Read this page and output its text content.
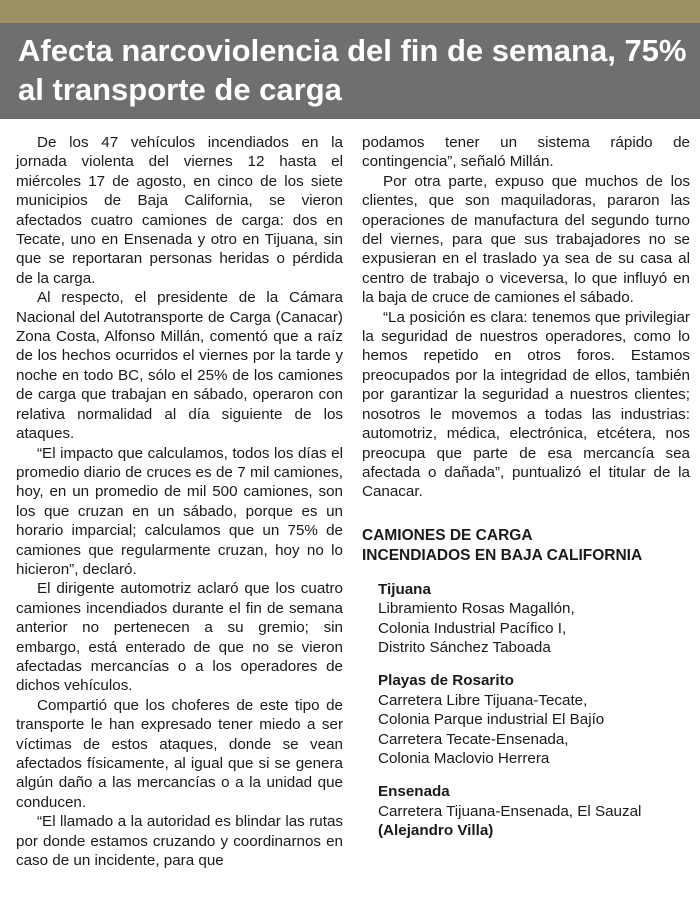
Afecta narcoviolencia del fin de semana, 75% al transporte de carga

De los 47 vehículos incendiados en la jornada violenta del viernes 12 hasta el miércoles 17 de agosto, en cinco de los siete municipios de Baja California, se vieron afectados cuatro camiones de carga: dos en Tecate, uno en Ensenada y otro en Tijuana, sin que se reportaran personas heridas o pérdida de la carga.

Al respecto, el presidente de la Cámara Nacional del Autotransporte de Carga (Canacar) Zona Costa, Alfonso Millán, comentó que a raíz de los hechos ocurridos el viernes por la tarde y noche en todo BC, sólo el 25% de los camiones de carga que trabajan en sábado, operaron con relativa normalidad al día siguiente de los ataques.

“El impacto que calculamos, todos los días el promedio diario de cruces es de 7 mil camiones, hoy, en un promedio de mil 500 camiones, son los que cruzan en un sábado, porque es un horario imparcial; calculamos que un 75% de camiones que regularmente cruzan, hoy no lo hicieron”, declaró.

El dirigente automotriz aclaró que los cuatro camiones incendiados durante el fin de semana anterior no pertenecen a su gremio; sin embargo, está enterado de que no se vieron afectadas mercancías o a los operadores de dichos vehículos.

Compartió que los choferes de este tipo de transporte le han expresado tener miedo a ser víctimas de estos ataques, donde se vean afectados físicamente, al igual que si se genera algún daño a las mercancías o a la unidad que conducen.

“El llamado a la autoridad es blindar las rutas por donde estamos cruzando y coordinarnos en caso de un incidente, para que

podamos tener un sistema rápido de contingencia”, señaló Millán.

Por otra parte, expuso que muchos de los clientes, que son maquiladoras, pararon las operaciones de manufactura del segundo turno del viernes, para que sus trabajadores no se expusieran en el traslado ya sea de su casa al centro de trabajo o viceversa, lo que influyó en la baja de cruce de camiones el sábado.

“La posición es clara: tenemos que privilegiar la seguridad de nuestros operadores, como lo hemos repetido en otros foros. Estamos preocupados por la integridad de ellos, también por garantizar la seguridad a nuestros clientes; nosotros le movemos a todas las industrias: automotriz, médica, electrónica, etcétera, nos preocupa que parte de esa mercancía sea afectada o dañada”, puntualizó el titular de la Canacar.

CAMIONES DE CARGA
INCENDIADOS EN BAJA CALIFORNIA
Tijuana
Libramiento Rosas Magallón,
Colonia Industrial Pacífico I,
Distrito Sánchez Taboada
Playas de Rosarito
Carretera Libre Tijuana-Tecate,
Colonia Parque industrial El Bajío
Carretera Tecate-Ensenada,
Colonia Maclovio Herrera
Ensenada
Carretera Tijuana-Ensenada, El Sauzal
(Alejandro Villa)
